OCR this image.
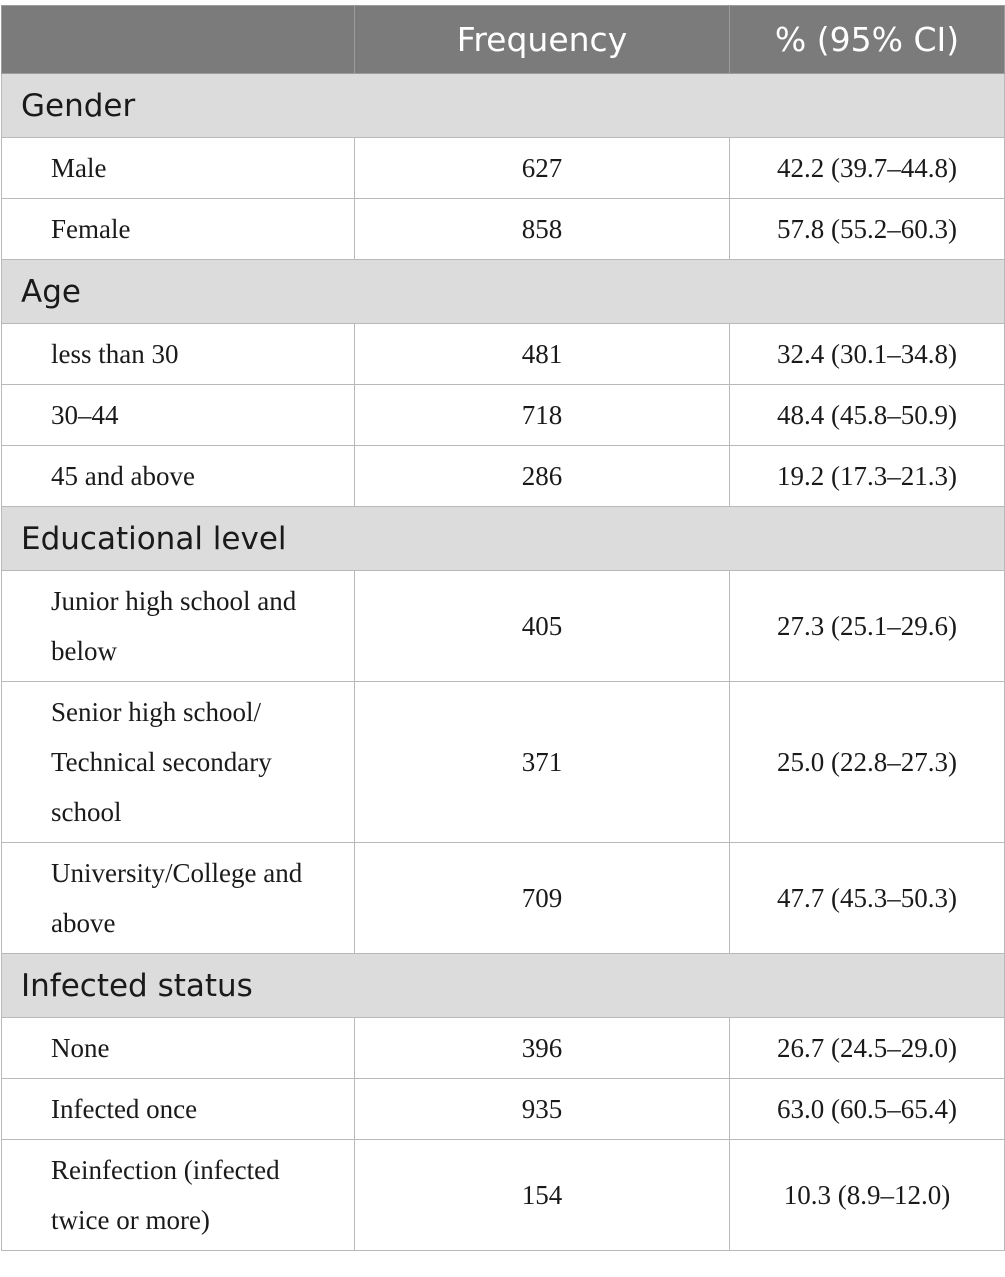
	Frequency	% (95% CI)
Gender		
Male	627	42.2 (39.7–44.8)
Female	858	57.8 (55.2–60.3)
Age		
less than 30	481	32.4 (30.1–34.8)
30–44	718	48.4 (45.8–50.9)
45 and above	286	19.2 (17.3–21.3)
Educational level		
Junior high school and below	405	27.3 (25.1–29.6)
Senior high school/ Technical secondary school	371	25.0 (22.8–27.3)
University/College and above	709	47.7 (45.3–50.3)
Infected status		
None	396	26.7 (24.5–29.0)
Infected once	935	63.0 (60.5–65.4)
Reinfection (infected twice or more)	154	10.3 (8.9–12.0)
